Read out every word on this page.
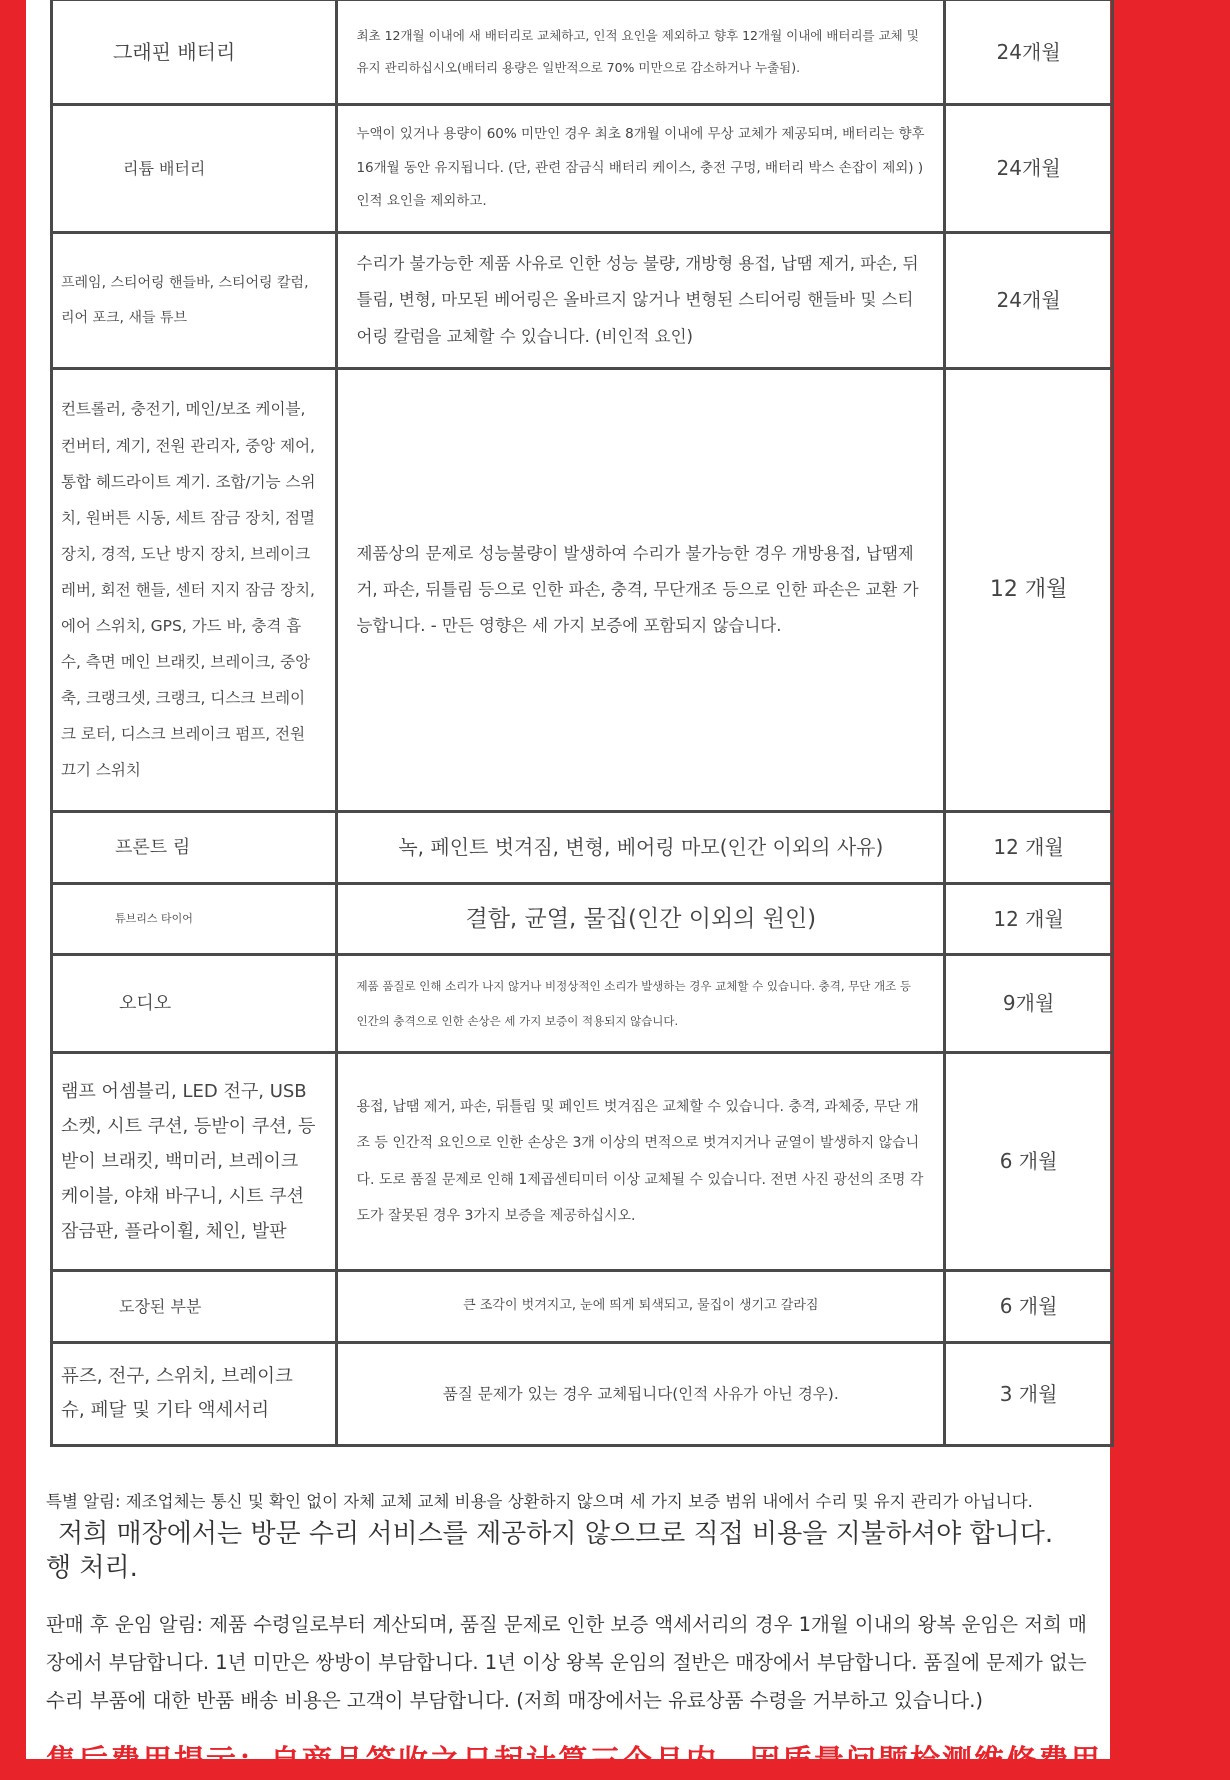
그래핀 배터리	최초 12개월 이내에 새 배터리로 교체하고, 인적 요인을 제외하고 향후 12개월 이내에 배터리를 교체 및 유지 관리하십시오(배터리 용량은 일반적으로 70% 미만으로 감소하거나 누출됨).	24개월
리튬 배터리	누액이 있거나 용량이 60% 미만인 경우 최초 8개월 이내에 무상 교체가 제공되며, 배터리는 향후 16개월 동안 유지됩니다. (단, 관련 잠금식 배터리 케이스, 충전 구멍, 배터리 박스 손잡이 제외) ) 인적 요인을 제외하고.	24개월
프레임, 스티어링 핸들바, 스티어링 칼럼, 리어 포크, 새들 튜브	수리가 불가능한 제품 사유로 인한 성능 불량, 개방형 용접, 납땜 제거, 파손, 뒤틀림, 변형, 마모된 베어링은 올바르지 않거나 변형된 스티어링 핸들바 및 스티어링 칼럼을 교체할 수 있습니다. (비인적 요인)	24개월
컨트롤러, 충전기, 메인/보조 케이블, 컨버터, 계기, 전원 관리자, 중앙 제어, 통합 헤드라이트 계기. 조합/기능 스위치, 원버튼 시동, 세트 잠금 장치, 점멸 장치, 경적, 도난 방지 장치, 브레이크 레버, 회전 핸들, 센터 지지 잠금 장치, 에어 스위치, GPS, 가드 바, 충격 흡수, 측면 메인 브래킷, 브레이크, 중앙 축, 크랭크셋, 크랭크, 디스크 브레이크 로터, 디스크 브레이크 펌프, 전원 끄기 스위치	제품상의 문제로 성능불량이 발생하여 수리가 불가능한 경우 개방용접, 납땜제거, 파손, 뒤틀림 등으로 인한 파손, 충격, 무단개조 등으로 인한 파손은 교환 가능합니다. - 만든 영향은 세 가지 보증에 포함되지 않습니다.	12 개월
프론트 림	녹, 페인트 벗겨짐, 변형, 베어링 마모(인간 이외의 사유)	12 개월
튜브리스 타이어	결함, 균열, 물집(인간 이외의 원인)	12 개월
오디오	제품 품질로 인해 소리가 나지 않거나 비정상적인 소리가 발생하는 경우 교체할 수 있습니다. 충격, 무단 개조 등 인간의 충격으로 인한 손상은 세 가지 보증이 적용되지 않습니다.	9개월
램프 어셈블리, LED 전구, USB 소켓, 시트 쿠션, 등받이 쿠션, 등받이 브래킷, 백미러, 브레이크 케이블, 야채 바구니, 시트 쿠션 잠금판, 플라이휠, 체인, 발판	용접, 납땜 제거, 파손, 뒤틀림 및 페인트 벗겨짐은 교체할 수 있습니다. 충격, 과체중, 무단 개조 등 인간적 요인으로 인한 손상은 3개 이상의 면적으로 벗겨지거나 균열이 발생하지 않습니다. 도로 품질 문제로 인해 1제곱센티미터 이상 교체될 수 있습니다. 전면 사진 광선의 조명 각도가 잘못된 경우 3가지 보증을 제공하십시오.	6 개월
도장된 부분	큰 조각이 벗겨지고, 눈에 띄게 퇴색되고, 물집이 생기고 갈라짐	6 개월
퓨즈, 전구, 스위치, 브레이크 슈, 페달 및 기타 액세서리	품질 문제가 있는 경우 교체됩니다(인적 사유가 아닌 경우).	3 개월

특별 알림: 제조업체는 통신 및 확인 없이 자체 교체 교체 비용을 상환하지 않으며 세 가지 보증 범위 내에서 수리 및 유지 관리가 아닙니다.

저희 매장에서는 방문 수리 서비스를 제공하지 않으므로 직접 비용을 지불하셔야 합니다.

행 처리.

판매 후 운임 알림: 제품 수령일로부터 계산되며, 품질 문제로 인한 보증 액세서리의 경우 1개월 이내의 왕복 운임은 저희 매장에서 부담합니다. 1년 미만은 쌍방이 부담합니다. 1년 이상 왕복 운임의 절반은 매장에서 부담합니다. 품질에 문제가 없는 수리 부품에 대한 반품 배송 비용은 고객이 부담합니다. (저희 매장에서는 유료상품 수령을 거부하고 있습니다.)

售后费用提示：自商品签收之日起计算三个月内，因质量问题检测维修费用，我们商
